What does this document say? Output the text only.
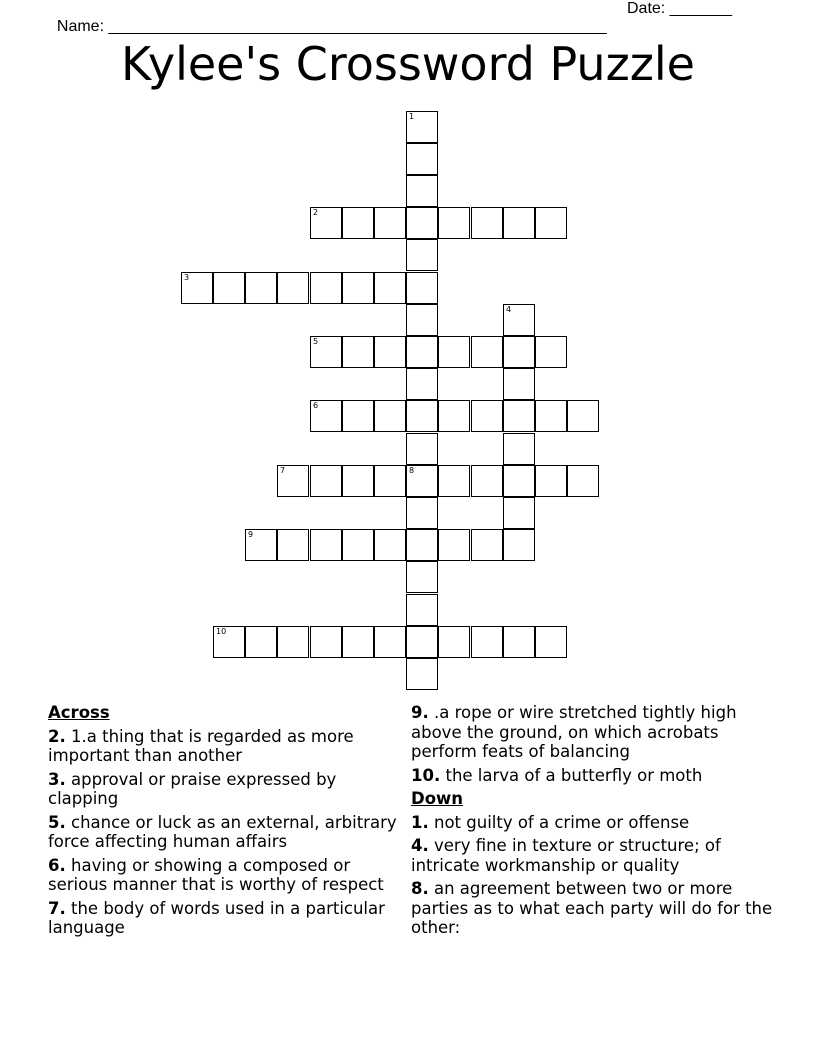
Name: ________________________________________________________

Date: _______

Kylee's Crossword Puzzle
1
8
2
3
4
5
6
7
9
10
Across
2. 1.a thing that is regarded as more important than another
3. approval or praise expressed by clapping
5. chance or luck as an external, arbitrary force affecting human affairs
6. having or showing a composed or serious manner that is worthy of respect
7. the body of words used in a particular language
9. .a rope or wire stretched tightly high above the ground, on which acrobats perform feats of balancing
10. the larva of a butterfly or moth
Down
1. not guilty of a crime or offense
4. very fine in texture or structure; of intricate workmanship or quality
8. an agreement between two or more parties as to what each party will do for the other:
